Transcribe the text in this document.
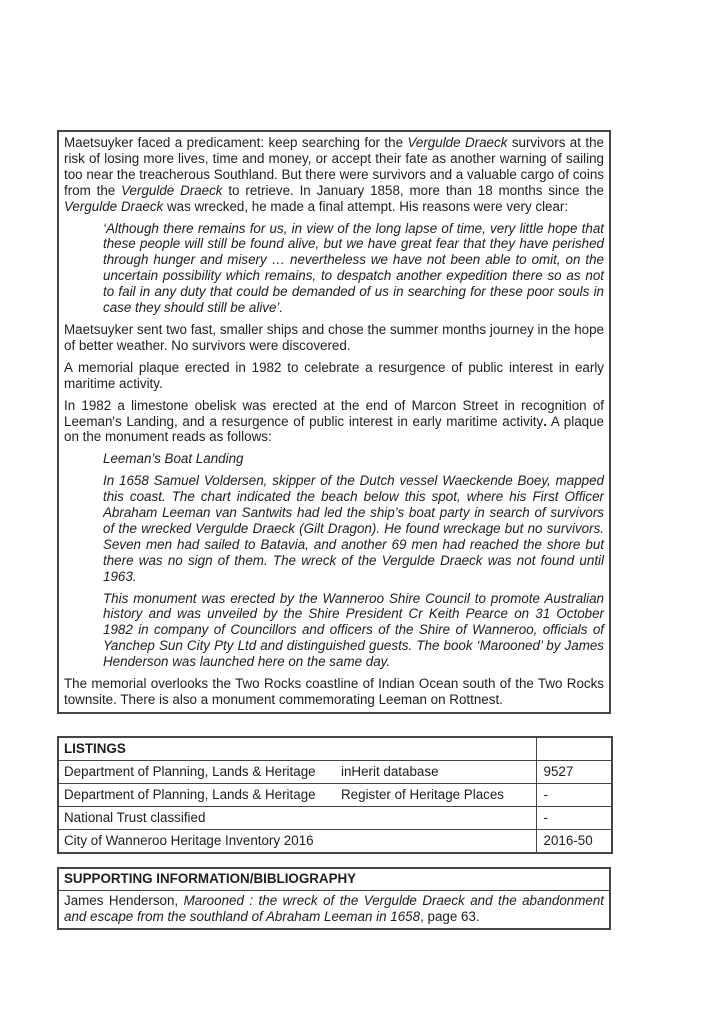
Maetsuyker faced a predicament: keep searching for the Vergulde Draeck survivors at the risk of losing more lives, time and money, or accept their fate as another warning of sailing too near the treacherous Southland. But there were survivors and a valuable cargo of coins from the Vergulde Draeck to retrieve. In January 1858, more than 18 months since the Vergulde Draeck was wrecked, he made a final attempt. His reasons were very clear:

‘Although there remains for us, in view of the long lapse of time, very little hope that these people will still be found alive, but we have great fear that they have perished through hunger and misery … nevertheless we have not been able to omit, on the uncertain possibility which remains, to despatch another expedition there so as not to fail in any duty that could be demanded of us in searching for these poor souls in case they should still be alive’.

Maetsuyker sent two fast, smaller ships and chose the summer months journey in the hope of better weather. No survivors were discovered.

A memorial plaque erected in 1982 to celebrate a resurgence of public interest in early maritime activity.

In 1982 a limestone obelisk was erected at the end of Marcon Street in recognition of Leeman's Landing, and a resurgence of public interest in early maritime activity. A plaque on the monument reads as follows:

Leeman’s Boat Landing

In 1658 Samuel Voldersen, skipper of the Dutch vessel Waeckende Boey, mapped this coast. The chart indicated the beach below this spot, where his First Officer Abraham Leeman van Santwits had led the ship’s boat party in search of survivors of the wrecked Vergulde Draeck (Gilt Dragon). He found wreckage but no survivors. Seven men had sailed to Batavia, and another 69 men had reached the shore but there was no sign of them. The wreck of the Vergulde Draeck was not found until 1963.

This monument was erected by the Wanneroo Shire Council to promote Australian history and was unveiled by the Shire President Cr Keith Pearce on 31 October 1982 in company of Councillors and officers of the Shire of Wanneroo, officials of Yanchep Sun City Pty Ltd and distinguished guests. The book ‘Marooned’ by James Henderson was launched here on the same day.

The memorial overlooks the Two Rocks coastline of Indian Ocean south of the Two Rocks townsite. There is also a monument commemorating Leeman on Rottnest.

LISTINGS		
Department of Planning, Lands & Heritage	inHerit database	9527
Department of Planning, Lands & Heritage	Register of Heritage Places	-
National Trust classified		-
City of Wanneroo Heritage Inventory 2016		2016-50
SUPPORTING INFORMATION/BIBLIOGRAPHY
James Henderson, Marooned : the wreck of the Vergulde Draeck and the abandonment and escape from the southland of Abraham Leeman in 1658, page 63.
